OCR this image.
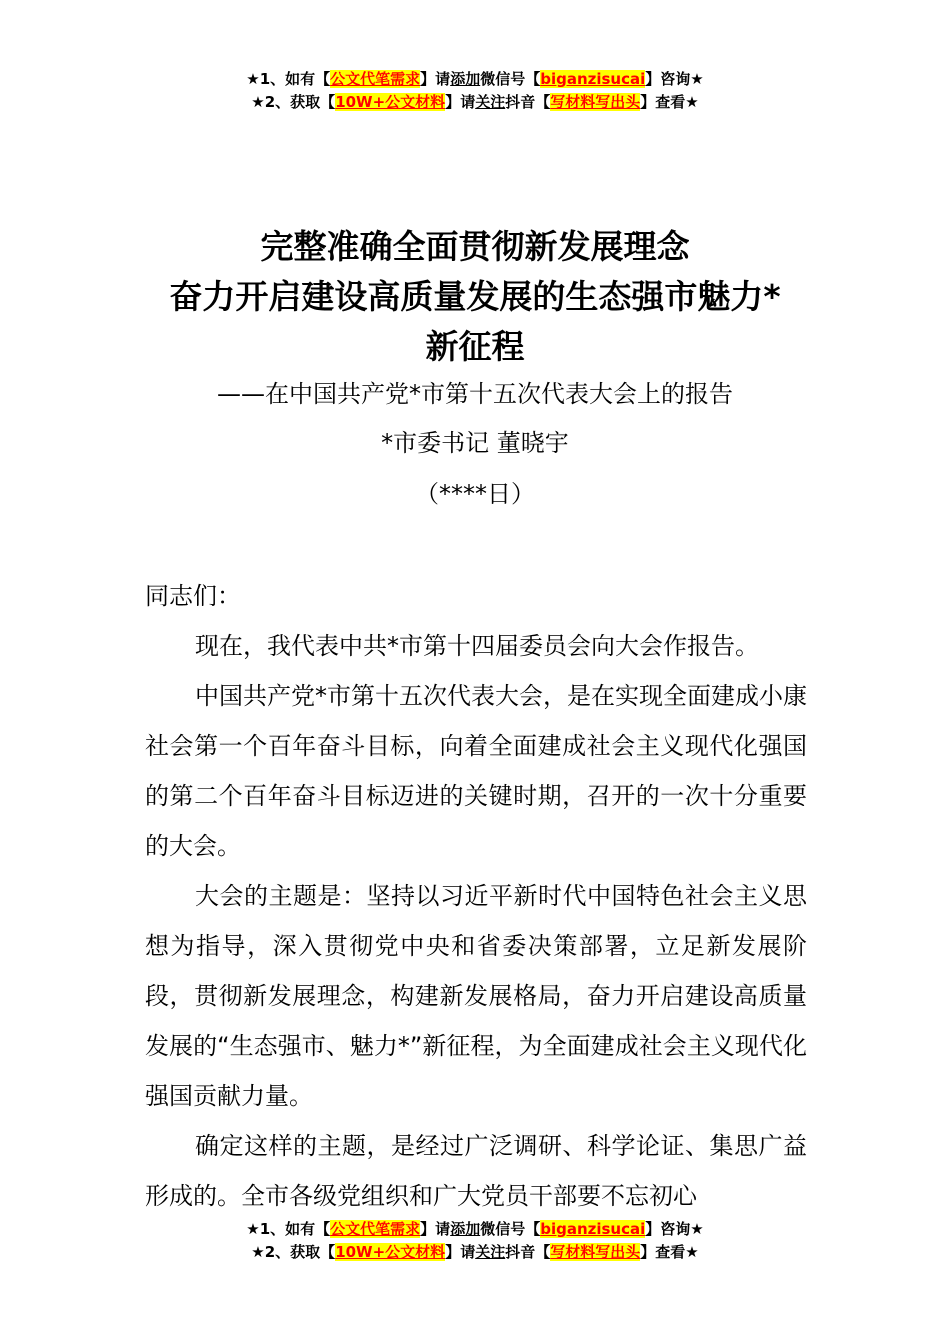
★1、如有【公文代笔需求】请添加微信号【biganzisucai】咨询★
★2、获取【10W+公文材料】请关注抖音【写材料写出头】查看★
完整准确全面贯彻新发展理念
奋力开启建设高质量发展的生态强市魅力*
新征程
——在中国共产党*市第十五次代表大会上的报告
*市委书记 董晓宇
（****日）

同志们：

现在，我代表中共*市第十四届委员会向大会作报告。

中国共产党*市第十五次代表大会，是在实现全面建成小康社会第一个百年奋斗目标，向着全面建成社会主义现代化强国的第二个百年奋斗目标迈进的关键时期，召开的一次十分重要的大会。

大会的主题是：坚持以习近平新时代中国特色社会主义思想为指导，深入贯彻党中央和省委决策部署，立足新发展阶段，贯彻新发展理念，构建新发展格局，奋力开启建设高质量发展的“生态强市、魅力*”新征程，为全面建成社会主义现代化强国贡献力量。

确定这样的主题，是经过广泛调研、科学论证、集思广益形成的。全市各级党组织和广大党员干部要不忘初心

★1、如有【公文代笔需求】请添加微信号【biganzisucai】咨询★
★2、获取【10W+公文材料】请关注抖音【写材料写出头】查看★
